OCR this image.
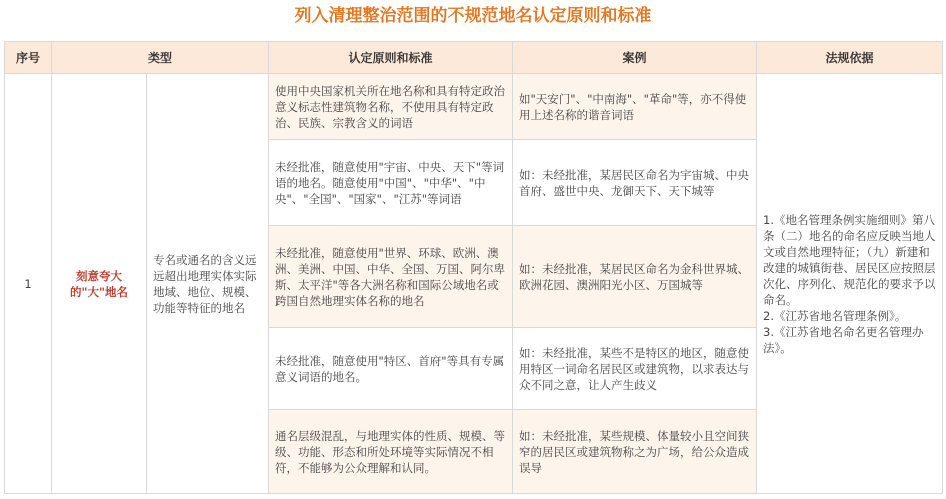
列入清理整治范围的不规范地名认定原则和标准
序号	类型		认定原则和标准	案例	法规依据
1	刻意夸大的"大"地名	专名或通名的含义远远超出地理实体实际地域、地位、规模、功能等特征的地名	使用中央国家机关所在地名称和具有特定政治意义标志性建筑物名称，不使用具有特定政治、民族、宗教含义的词语	如"天安门"、"中南海"、"革命"等，亦不得使用上述名称的谐音词语	1.《地名管理条例实施细则》第八条（二）地名的命名应反映当地人文或自然地理特征；（九）新建和改建的城镇街巷、居民区应按照层次化、序列化、规范化的要求予以命名。
2.《江苏省地名管理条例》。
3.《江苏省地名命名更名管理办法》。
			未经批准，随意使用"宇宙、中央、天下"等词语的地名。随意使用"中国"、"中华"、"中央"、"全国"、"国家"、"江苏"等词语	如：未经批准，某居民区命名为宇宙城、中央首府、盛世中央、龙御天下、天下城等	
			未经批准，随意使用"世界、环球、欧洲、澳洲、美洲、中国、中华、全国、万国、阿尔卑斯、太平洋"等各大洲名称和国际公域地名或跨国自然地理实体名称的地名	如：未经批准，某居民区命名为金科世界城、欧洲花园、澳洲阳光小区、万国城等	
			未经批准，随意使用"特区、首府"等具有专属意义词语的地名。	如：未经批准，某些不是特区的地区，随意使用特区一词命名居民区或建筑物，以求表达与众不同之意，让人产生歧义	
			通名层级混乱，与地理实体的性质、规模、等级、功能、形态和所处环境等实际情况不相符，不能够为公众理解和认同。	如：未经批准，某些规模、体量较小且空间狭窄的居民区或建筑物称之为广场，给公众造成误导	
